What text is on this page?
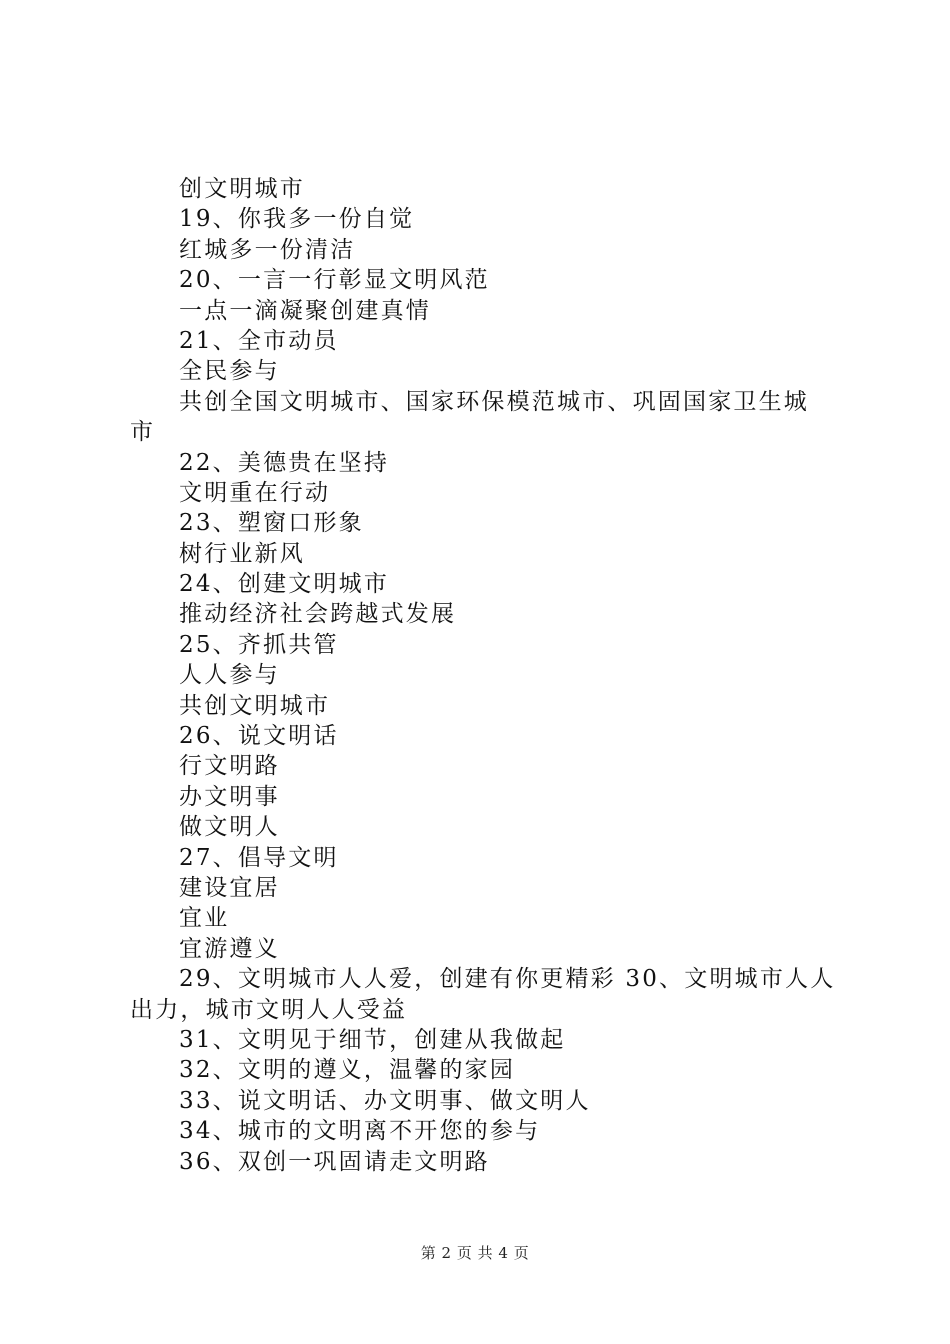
创文明城市
19、你我多一份自觉
红城多一份清洁
20、一言一行彰显文明风范
一点一滴凝聚创建真情
21、全市动员
全民参与
共创全国文明城市、国家环保模范城市、巩固国家卫生城
市
22、美德贵在坚持
文明重在行动
23、塑窗口形象
树行业新风
24、创建文明城市
推动经济社会跨越式发展
25、齐抓共管
人人参与
共创文明城市
26、说文明话
行文明路
办文明事
做文明人
27、倡导文明
建设宜居
宜业
宜游遵义
29、文明城市人人爱，创建有你更精彩 30、文明城市人人
出力，城市文明人人受益
31、文明见于细节，创建从我做起
32、文明的遵义，温馨的家园
33、说文明话、办文明事、做文明人
34、城市的文明离不开您的参与
36、双创一巩固请走文明路
第 2 页 共 4 页
